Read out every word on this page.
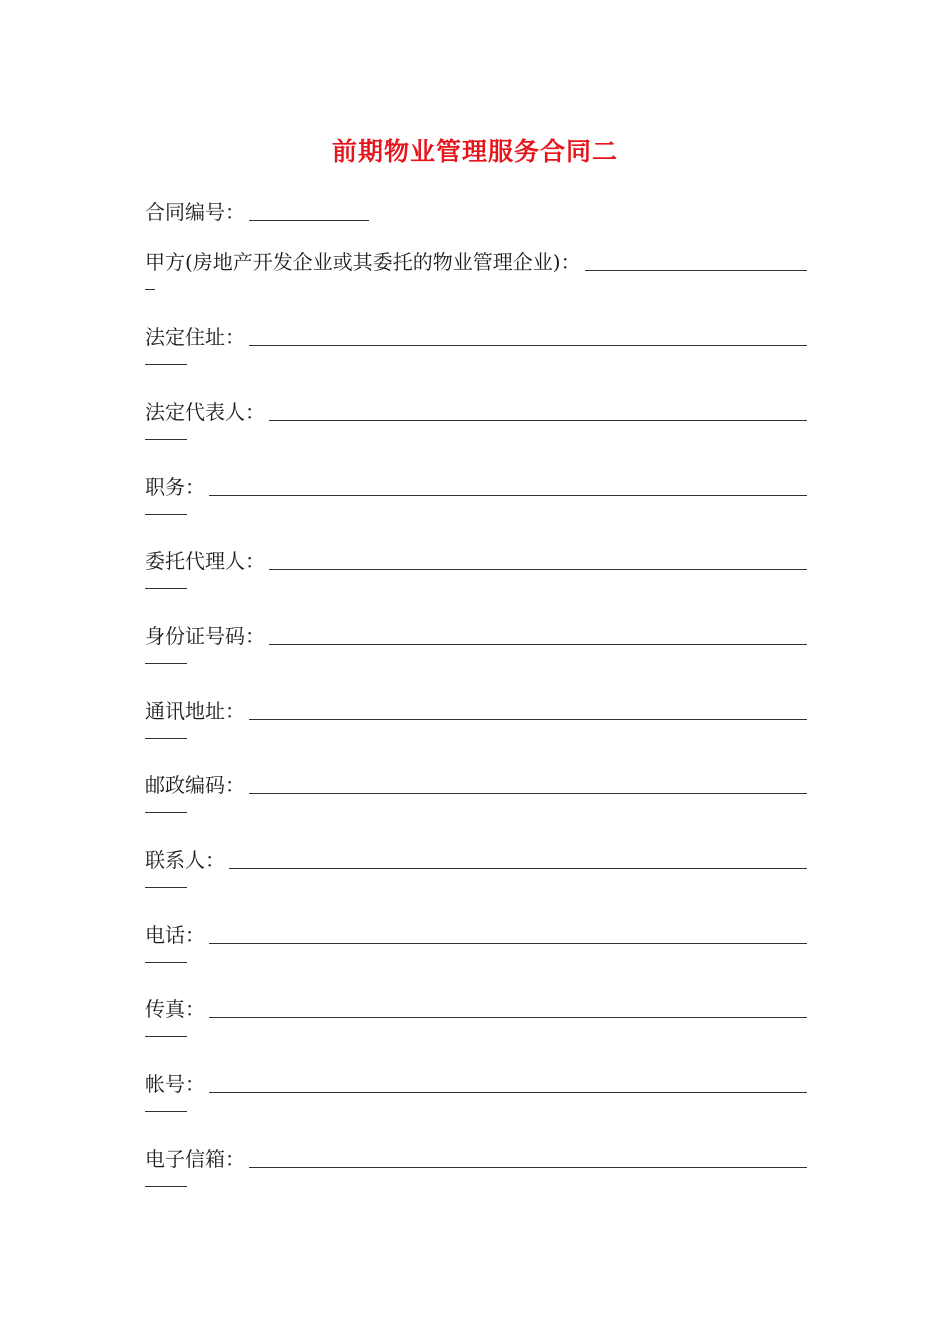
前期物业管理服务合同二
合同编号：
甲方(房地产开发企业或其委托的物业管理企业)：
法定住址：
法定代表人：
职务：
委托代理人：
身份证号码：
通讯地址：
邮政编码：
联系人：
电话：
传真：
帐号：
电子信箱：
